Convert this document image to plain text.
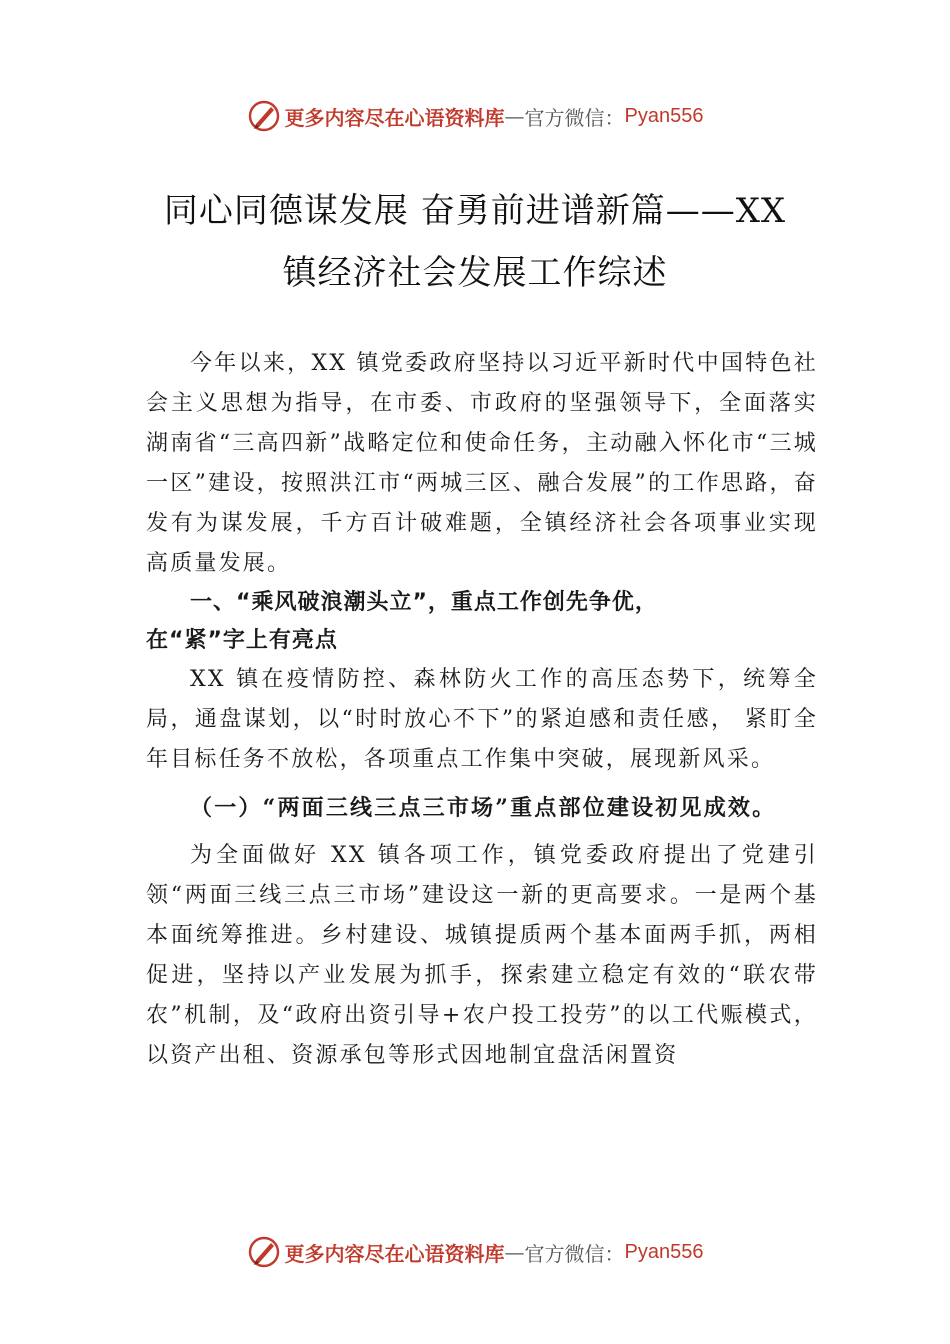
更多内容尽在心语资料库 — 官方微信： Pyan556
同心同德谋发展 奋勇前进谱新篇——XX
镇经济社会发展工作综述

今年以来，XX 镇党委政府坚持以习近平新时代中国特色社会主义思想为指导，在市委、市政府的坚强领导下，全面落实湖南省“三高四新”战略定位和使命任务，主动融入怀化市“三城一区”建设，按照洪江市“两城三区、融合发展”的工作思路，奋发有为谋发展，千方百计破难题，全镇经济社会各项事业实现高质量发展。

一、“乘风破浪潮头立”，重点工作创先争优，
在“紧”字上有亮点

XX 镇在疫情防控、森林防火工作的高压态势下，统筹全局，通盘谋划，以“时时放心不下”的紧迫感和责任感， 紧盯全年目标任务不放松，各项重点工作集中突破，展现新风采。

（一）“两面三线三点三市场”重点部位建设初见成效。

为全面做好 XX 镇各项工作，镇党委政府提出了党建引领“两面三线三点三市场”建设这一新的更高要求。一是两个基本面统筹推进。乡村建设、城镇提质两个基本面两手抓，两相促进，坚持以产业发展为抓手，探索建立稳定有效的“联农带农”机制，及“政府出资引导+农户投工投劳”的以工代赈模式，以资产出租、资源承包等形式因地制宜盘活闲置资

更多内容尽在心语资料库 — 官方微信： Pyan556
